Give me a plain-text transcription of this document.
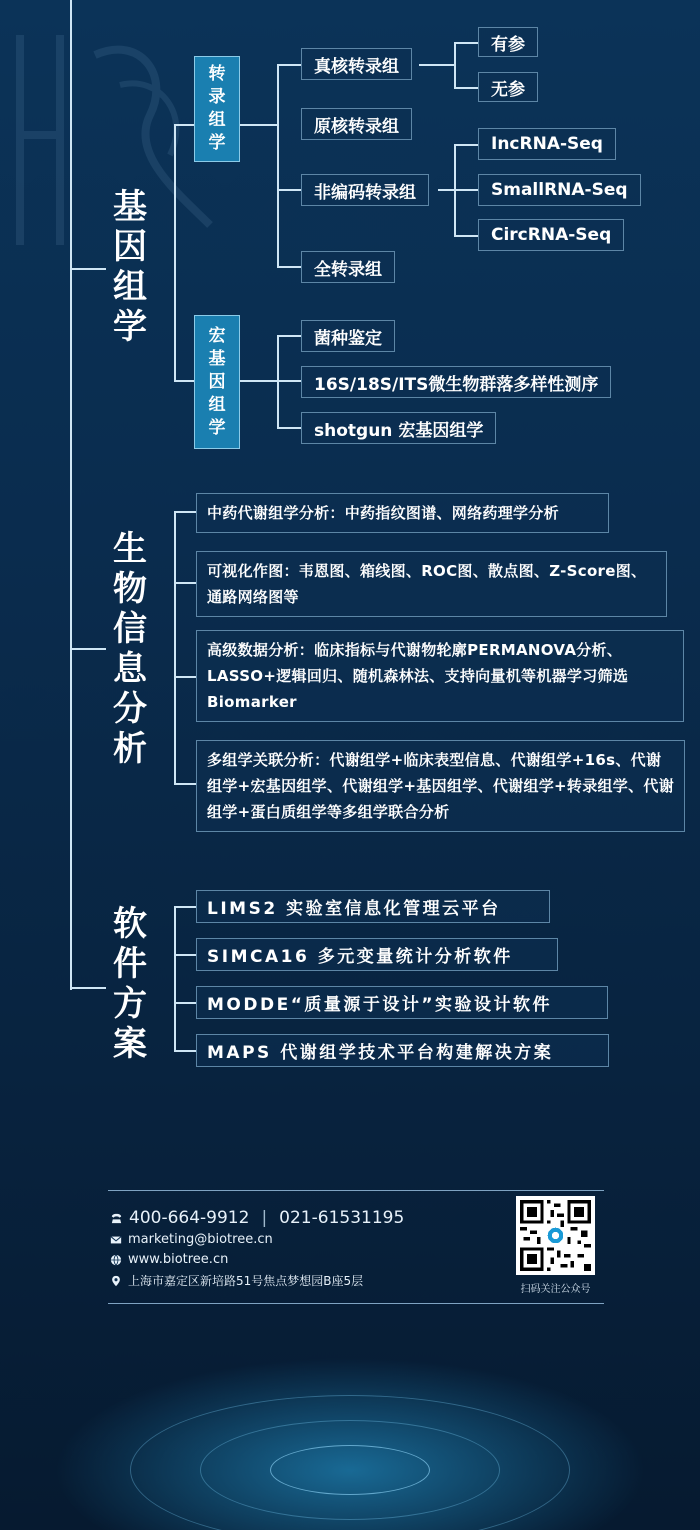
基因组学
转录组学
真核转录组
原核转录组
非编码转录组
全转录组
有参
无参
IncRNA-Seq
SmallRNA-Seq
CircRNA-Seq
宏基因组学
菌种鉴定
16S/18S/ITS微生物群落多样性测序
shotgun 宏基因组学
生物信息分析
中药代谢组学分析：中药指纹图谱、网络药理学分析
可视化作图：韦恩图、箱线图、ROC图、散点图、Z-Score图、通路网络图等
高级数据分析：临床指标与代谢物轮廓PERMANOVA分析、LASSO+逻辑回归、随机森林法、支持向量机等机器学习筛选Biomarker
多组学关联分析：代谢组学+临床表型信息、代谢组学+16s、代谢组学+宏基因组学、代谢组学+基因组学、代谢组学+转录组学、代谢组学+蛋白质组学等多组学联合分析
软件方案
LIMS2 实验室信息化管理云平台
SIMCA16 多元变量统计分析软件
MODDE“质量源于设计”实验设计软件
MAPS 代谢组学技术平台构建解决方案
400-664-9912 | 021-61531195
marketing@biotree.cn
www.biotree.cn
上海市嘉定区新培路51号焦点梦想园B座5层
扫码关注公众号
